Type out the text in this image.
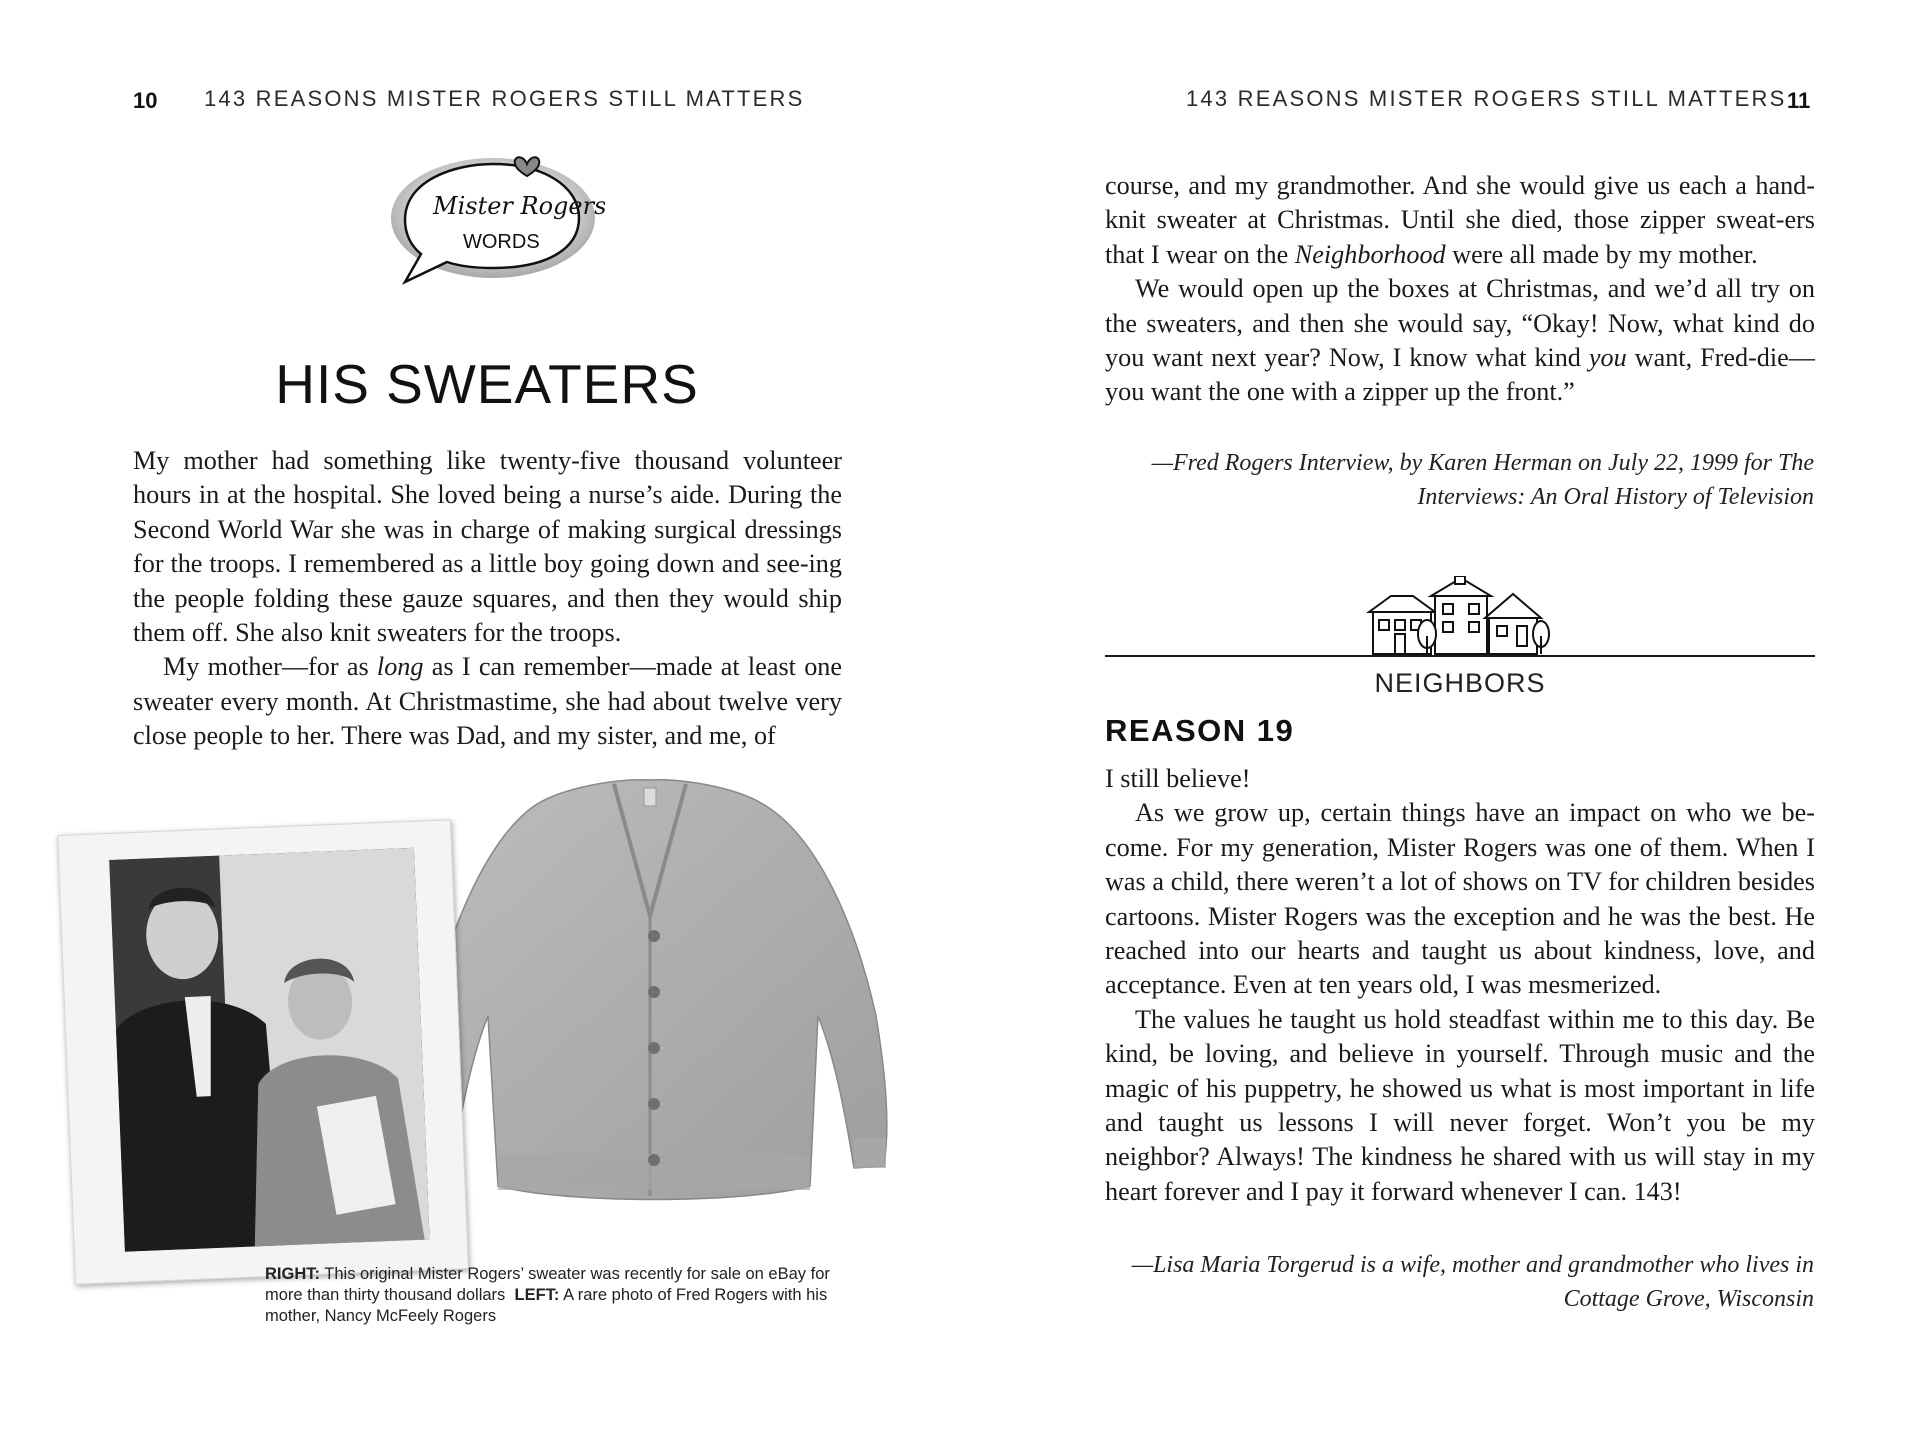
10 143 REASONS MISTER ROGERS STILL MATTERS
Mister Rogers
WORDS
HIS SWEATERS

My mother had something like twenty-five thousand volunteer hours in at the hospital. She loved being a nurse’s aide. During the Second World War she was in charge of making surgical dressings for the troops. I remembered as a little boy going down and see-ing the people folding these gauze squares, and then they would ship them off. She also knit sweaters for the troops.

My mother—for as long as I can remember—made at least one sweater every month. At Christmastime, she had about twelve very close people to her. There was Dad, and my sister, and me, of

RIGHT: This original Mister Rogers’ sweater was recently for sale on eBay for more than thirty thousand dollars LEFT: A rare photo of Fred Rogers with his mother, Nancy McFeely Rogers
143 REASONS MISTER ROGERS STILL MATTERS 11

course, and my grandmother. And she would give us each a hand-knit sweater at Christmas. Until she died, those zipper sweat-ers that I wear on the Neighborhood were all made by my mother.

We would open up the boxes at Christmas, and we’d all try on the sweaters, and then she would say, “Okay! Now, what kind do you want next year? Now, I know what kind you want, Fred-die—you want the one with a zipper up the front.”

—Fred Rogers Interview, by Karen Herman on July 22, 1999 for The Interviews: An Oral History of Television
NEIGHBORS
REASON 19

I still believe!

As we grow up, certain things have an impact on who we be-come. For my generation, Mister Rogers was one of them. When I was a child, there weren’t a lot of shows on TV for children besides cartoons. Mister Rogers was the exception and he was the best. He reached into our hearts and taught us about kindness, love, and acceptance. Even at ten years old, I was mesmerized.

The values he taught us hold steadfast within me to this day. Be kind, be loving, and believe in yourself. Through music and the magic of his puppetry, he showed us what is most important in life and taught us lessons I will never forget. Won’t you be my neighbor? Always! The kindness he shared with us will stay in my heart forever and I pay it forward whenever I can. 143!

—Lisa Maria Torgerud is a wife, mother and grandmother who lives in Cottage Grove, Wisconsin
